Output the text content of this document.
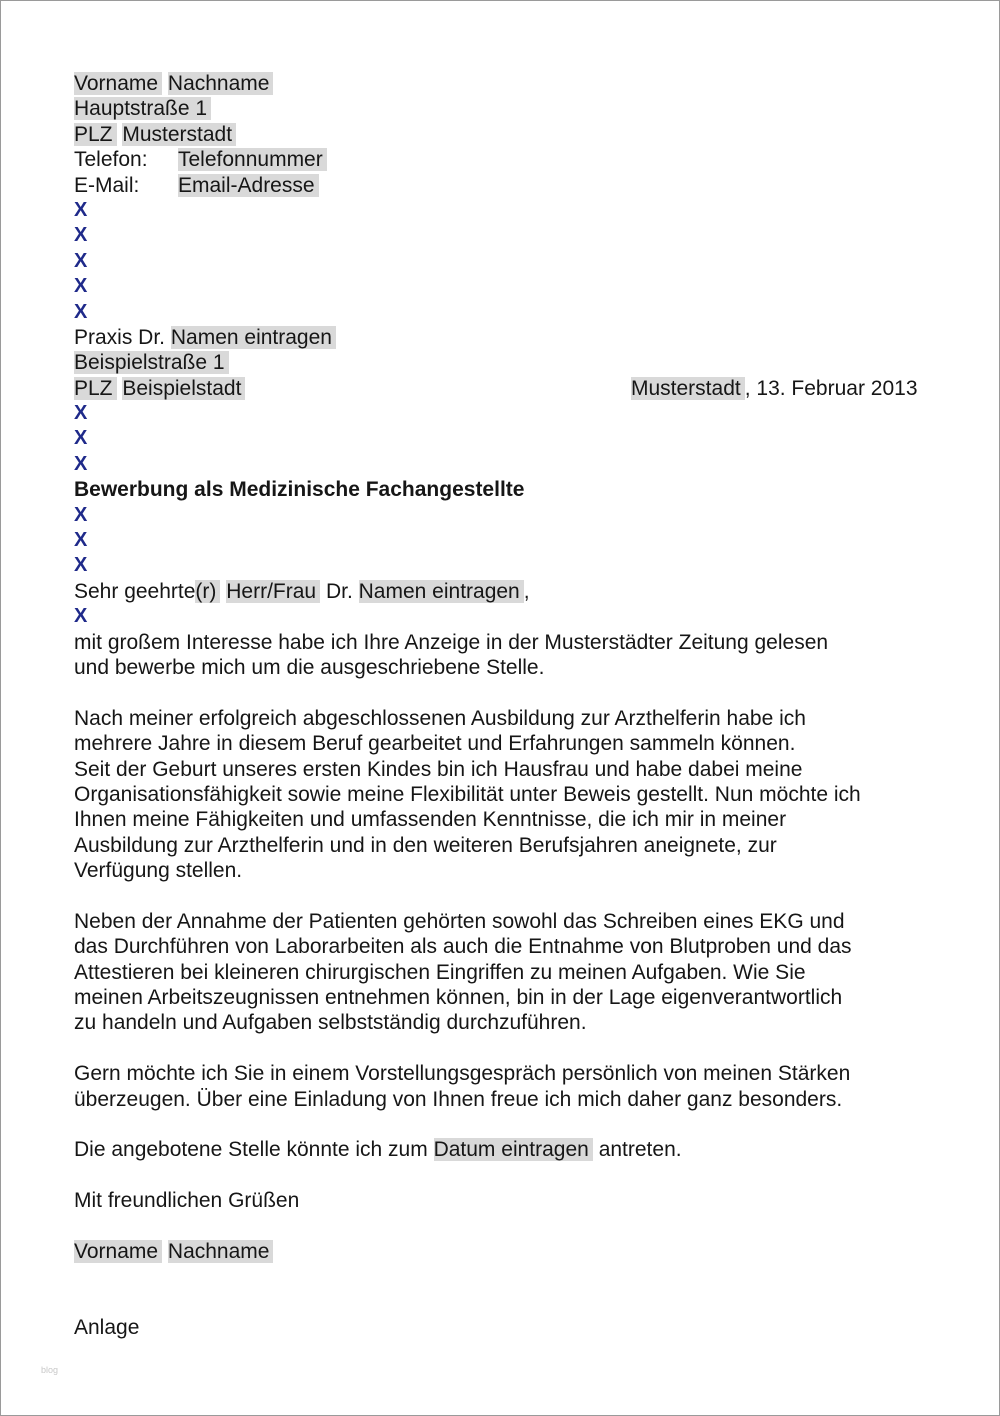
Vorname Nachname
Hauptstraße 1
PLZ Musterstadt
Telefon: Telefonnummer
E-Mail: Email-Adresse
X
X
X
X
X
Praxis Dr. Namen eintragen
Beispielstraße 1
PLZ Beispielstadt	Musterstadt , 13. Februar 2013
X
X
X
Bewerbung als Medizinische Fachangestellte
X
X
X
Sehr geehrte(r) Herr/Frau Dr. Namen eintragen ,
X
mit großem Interesse habe ich Ihre Anzeige in der Musterstädter Zeitung gelesen
und bewerbe mich um die ausgeschriebene Stelle.
Nach meiner erfolgreich abgeschlossenen Ausbildung zur Arzthelferin habe ich
mehrere Jahre in diesem Beruf gearbeitet und Erfahrungen sammeln können.
Seit der Geburt unseres ersten Kindes bin ich Hausfrau und habe dabei meine
Organisationsfähigkeit sowie meine Flexibilität unter Beweis gestellt. Nun möchte ich
Ihnen meine Fähigkeiten und umfassenden Kenntnisse, die ich mir in meiner
Ausbildung zur Arzthelferin und in den weiteren Berufsjahren aneignete, zur
Verfügung stellen.
Neben der Annahme der Patienten gehörten sowohl das Schreiben eines EKG und
das Durchführen von Laborarbeiten als auch die Entnahme von Blutproben und das
Attestieren bei kleineren chirurgischen Eingriffen zu meinen Aufgaben. Wie Sie
meinen Arbeitszeugnissen entnehmen können, bin in der Lage eigenverantwortlich
zu handeln und Aufgaben selbstständig durchzuführen.
Gern möchte ich Sie in einem Vorstellungsgespräch persönlich von meinen Stärken
überzeugen. Über eine Einladung von Ihnen freue ich mich daher ganz besonders.
Die angebotene Stelle könnte ich zum Datum eintragen antreten.
Mit freundlichen Grüßen
Vorname Nachname
Anlage
blog
